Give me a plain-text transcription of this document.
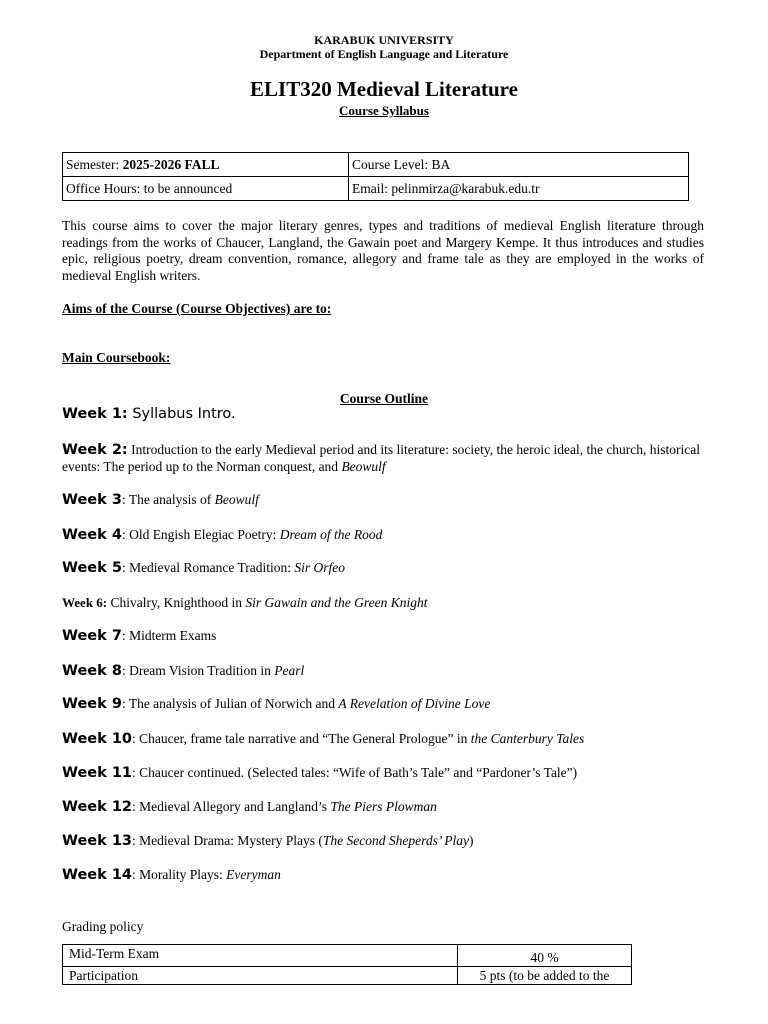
KARABUK UNIVERSITY
Department of English Language and Literature
ELIT320 Medieval Literature
Course Syllabus
Semester: 2025-2026 FALL	Course Level: BA
Office Hours: to be announced	Email: pelinmirza@karabuk.edu.tr
This course aims to cover the major literary genres, types and traditions of medieval English literature through readings from the works of Chaucer, Langland, the Gawain poet and Margery Kempe. It thus introduces and studies epic, religious poetry, dream convention, romance, allegory and frame tale as they are employed in the works of medieval English writers.
Aims of the Course (Course Objectives) are to:
Main Coursebook:
Course Outline
Week 1: Syllabus Intro.
Week 2: Introduction to the early Medieval period and its literature: society, the heroic ideal, the church, historical events: The period up to the Norman conquest, and Beowulf
Week 3: The analysis of Beowulf
Week 4: Old Engish Elegiac Poetry: Dream of the Rood
Week 5: Medieval Romance Tradition: Sir Orfeo
Week 6: Chivalry, Knighthood in Sir Gawain and the Green Knight
Week 7: Midterm Exams
Week 8: Dream Vision Tradition in Pearl
Week 9: The analysis of Julian of Norwich and A Revelation of Divine Love
Week 10: Chaucer, frame tale narrative and “The General Prologue” in the Canterbury Tales
Week 11: Chaucer continued. (Selected tales: “Wife of Bath’s Tale” and “Pardoner’s Tale”)
Week 12: Medieval Allegory and Langland’s The Piers Plowman
Week 13: Medieval Drama: Mystery Plays (The Second Sheperds’ Play)
Week 14: Morality Plays: Everyman
Grading policy
Mid-Term Exam	40 %
Participation	5 pts (to be added to the
